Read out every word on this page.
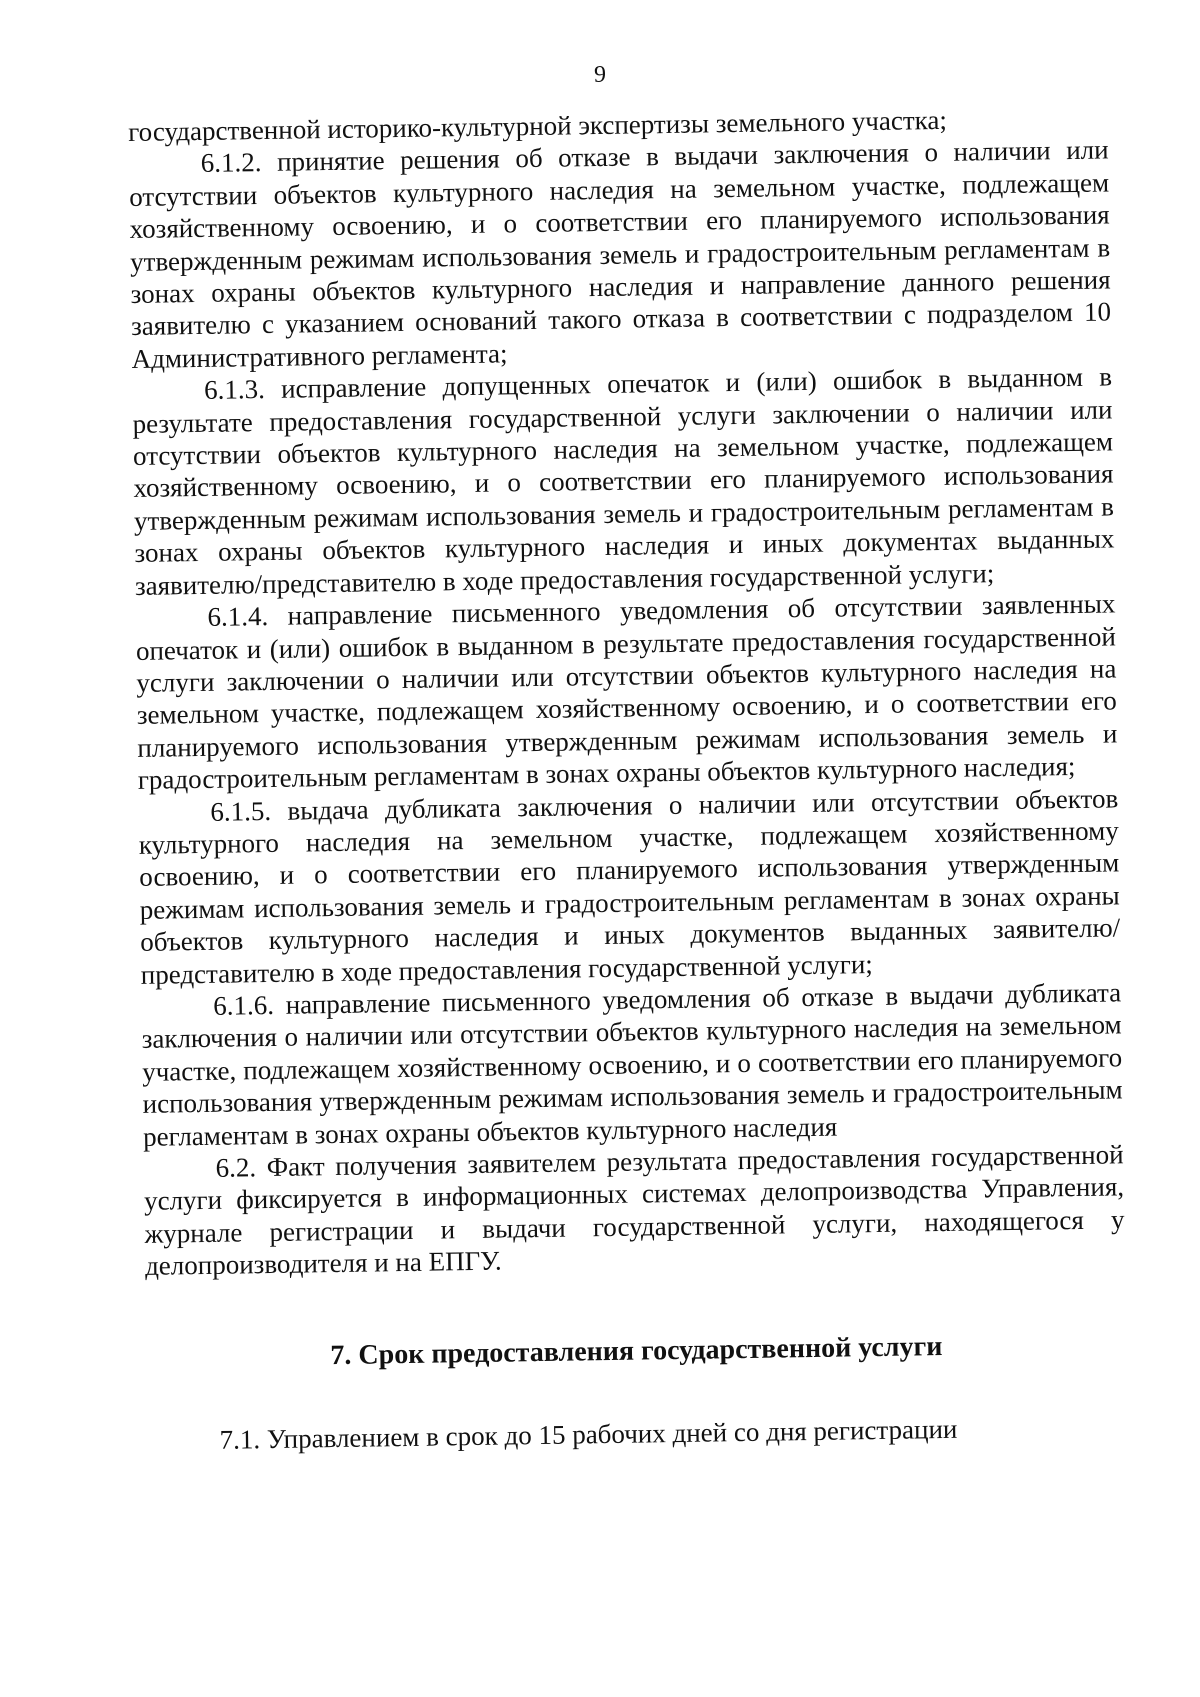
9

государственной историко-культурной экспертизы земельного участка;

6.1.2. принятие решения об отказе в выдачи заключения о наличии или отсутствии объектов культурного наследия на земельном участке, подлежащем хозяйственному освоению, и о соответствии его планируемого использования утвержденным режимам использования земель и градостроительным регламентам в зонах охраны объектов культурного наследия и направление данного решения заявителю с указанием оснований такого отказа в соответствии с подразделом 10 Административного регламента;

6.1.3. исправление допущенных опечаток и (или) ошибок в выданном в результате предоставления государственной услуги заключении о наличии или отсутствии объектов культурного наследия на земельном участке, подлежащем хозяйственному освоению, и о соответствии его планируемого использования утвержденным режимам использования земель и градостроительным регламентам в зонах охраны объектов культурного наследия и иных документах выданных заявителю/представителю в ходе предоставления государственной услуги;

6.1.4. направление письменного уведомления об отсутствии заявленных опечаток и (или) ошибок в выданном в результате предоставления государственной услуги заключении о наличии или отсутствии объектов культурного наследия на земельном участке, подлежащем хозяйственному освоению, и о соответствии его планируемого использования утвержденным режимам использования земель и градостроительным регламентам в зонах охраны объектов культурного наследия;

6.1.5. выдача дубликата заключения о наличии или отсутствии объектов культурного наследия на земельном участке, подлежащем хозяйственному освоению, и о соответствии его планируемого использования утвержденным режимам использования земель и градостроительным регламентам в зонах охраны объектов культурного наследия и иных документов выданных заявителю/представителю в ходе предоставления государственной услуги;

6.1.6. направление письменного уведомления об отказе в выдачи дубликата заключения о наличии или отсутствии объектов культурного наследия на земельном участке, подлежащем хозяйственному освоению, и о соответствии его планируемого использования утвержденным режимам использования земель и градостроительным регламентам в зонах охраны объектов культурного наследия

6.2. Факт получения заявителем результата предоставления государственной услуги фиксируется в информационных системах делопроизводства Управления, журнале регистрации и выдачи государственной услуги, находящегося у делопроизводителя и на ЕПГУ.

7. Срок предоставления государственной услуги

7.1. Управлением в срок до 15 рабочих дней со дня регистрации
